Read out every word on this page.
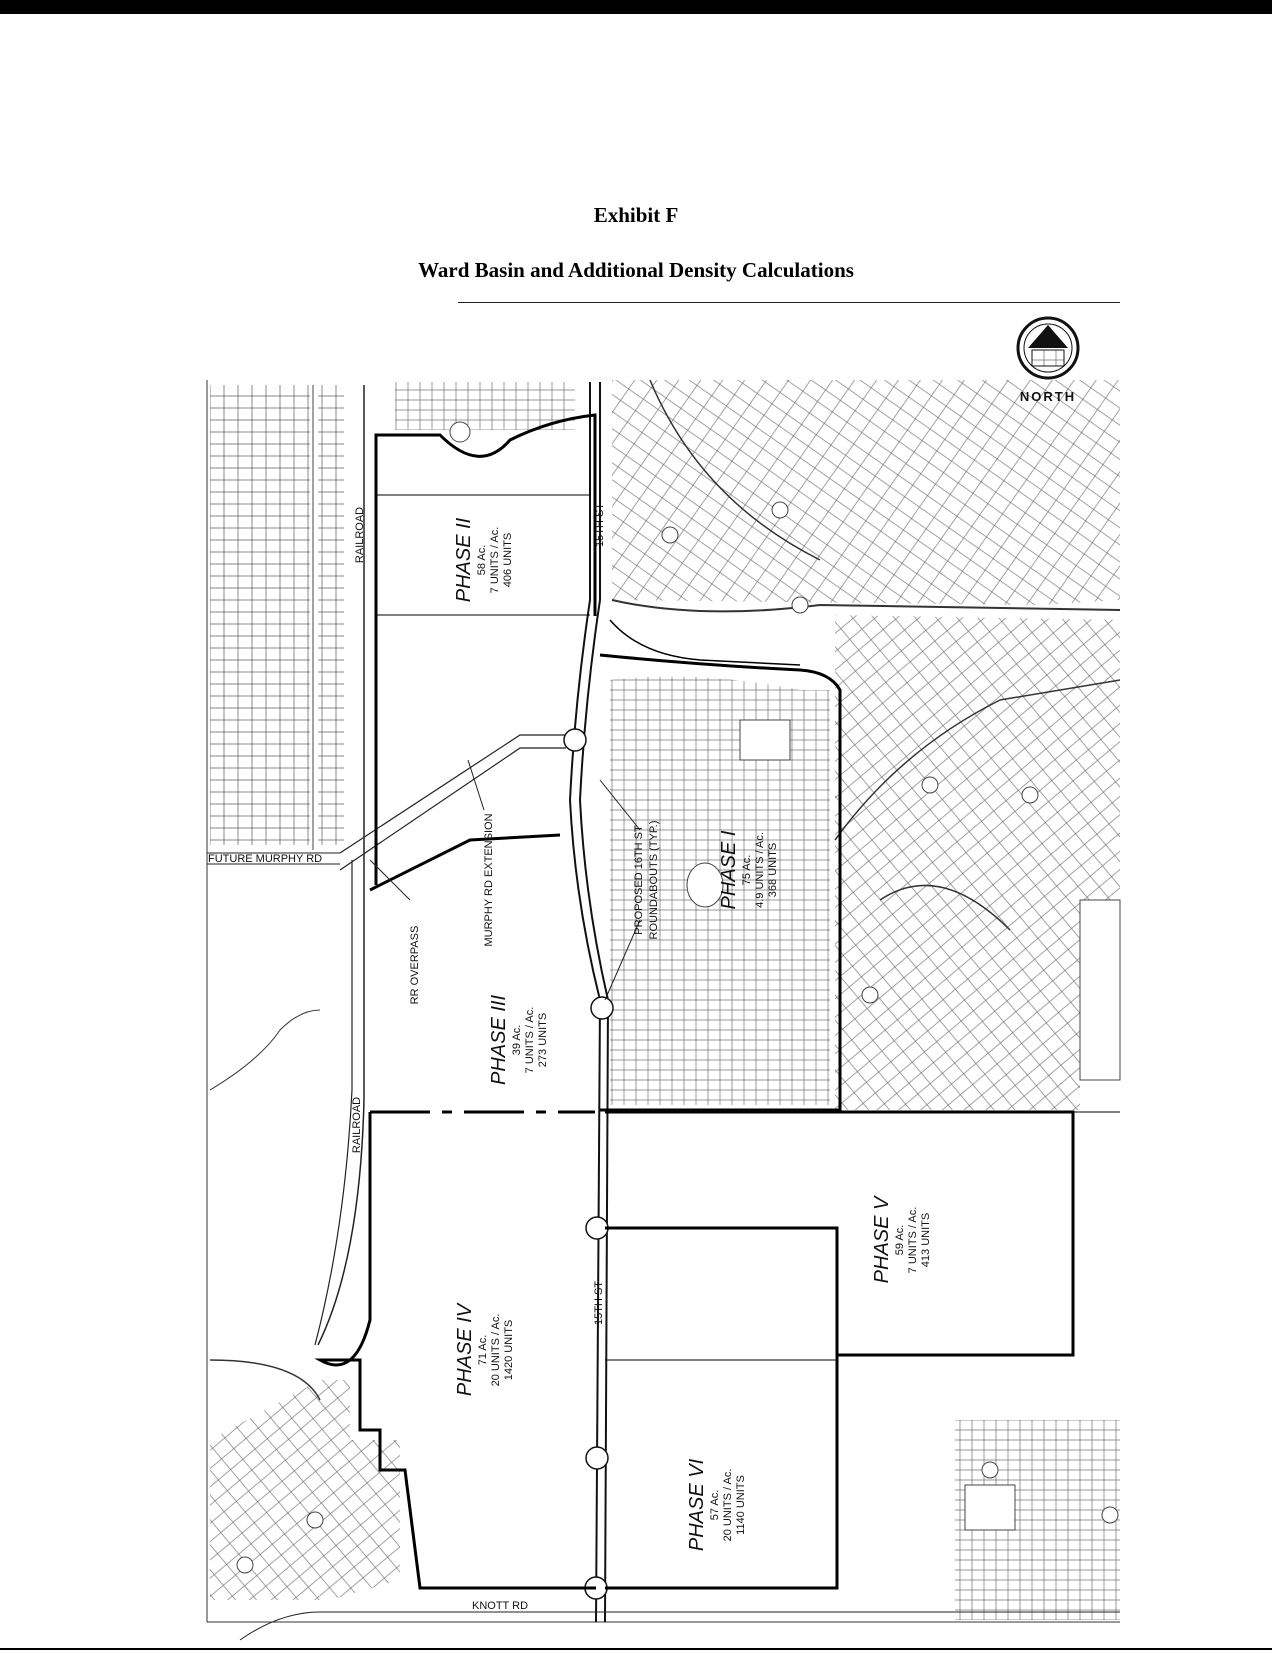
Exhibit F
Ward Basin and Additional Density Calculations
NORTH
RAILROAD
RAILROAD
15TH ST
15TH ST
FUTURE MURPHY RD	MURPHY RD EXTENSION
RR OVERPASS
KNOTT RD
PROPOSED 16TH ST ROUNDABOUTS (TYP.)
PHASE II 58 Ac. 7 UNITS / Ac. 406 UNITS
PHASE III 39 Ac. 7 UNITS / Ac. 273 UNITS
PHASE I 75 Ac. 4.9 UNITS / Ac. 368 UNITS
PHASE IV 71 Ac. 20 UNITS / Ac. 1420 UNITS
PHASE V 59 Ac. 7 UNITS / Ac. 413 UNITS
PHASE VI 57 Ac. 20 UNITS / Ac. 1140 UNITS
